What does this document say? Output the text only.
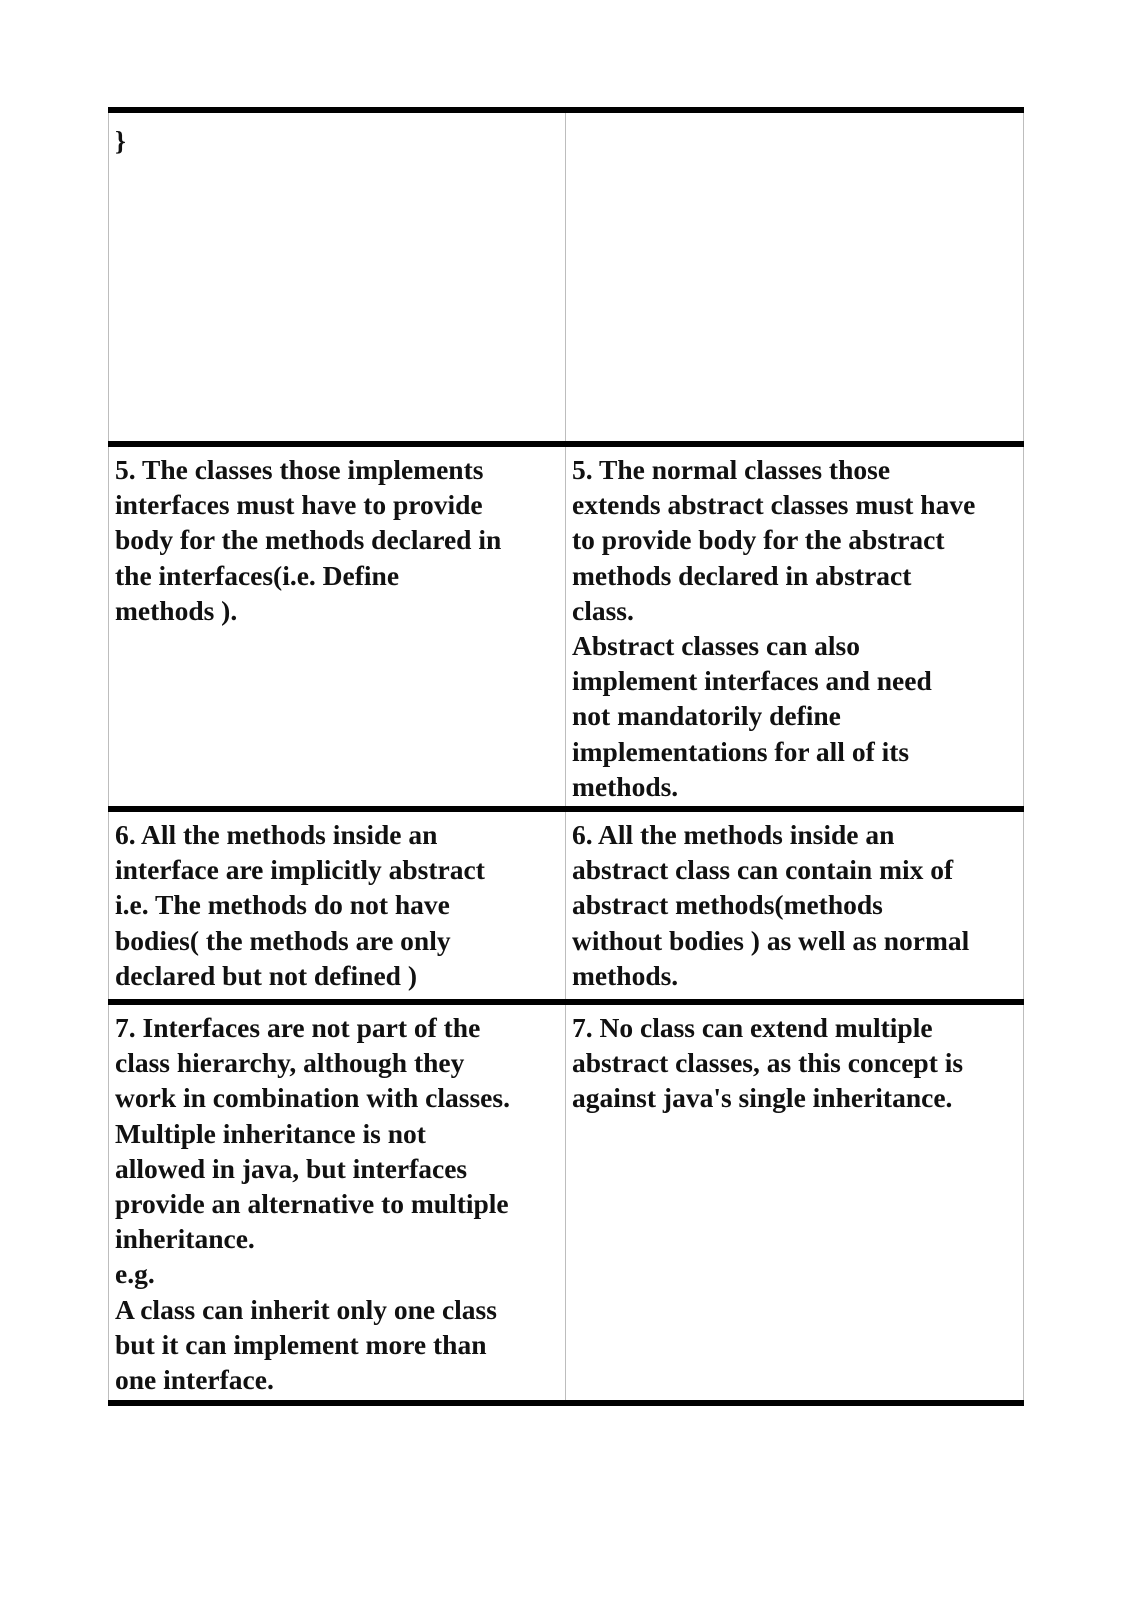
}
5. The classes those implements
interfaces must have to provide
body for the methods declared in
the interfaces(i.e. Define
methods ).
5. The normal classes those
extends abstract classes must have
to provide body for the abstract
methods declared in abstract
class.
Abstract classes can also
implement interfaces and need
not mandatorily define
implementations for all of its
methods.
6. All the methods inside an
interface are implicitly abstract
i.e. The methods do not have
bodies( the methods are only
declared but not defined )
6. All the methods inside an
abstract class can contain mix of
abstract methods(methods
without bodies ) as well as normal
methods.
7. Interfaces are not part of the
class hierarchy, although they
work in combination with classes.
Multiple inheritance is not
allowed in java, but interfaces
provide an alternative to multiple
inheritance.
e.g.
A class can inherit only one class
but it can implement more than
one interface.
7. No class can extend multiple
abstract classes, as this concept is
against java's single inheritance.
